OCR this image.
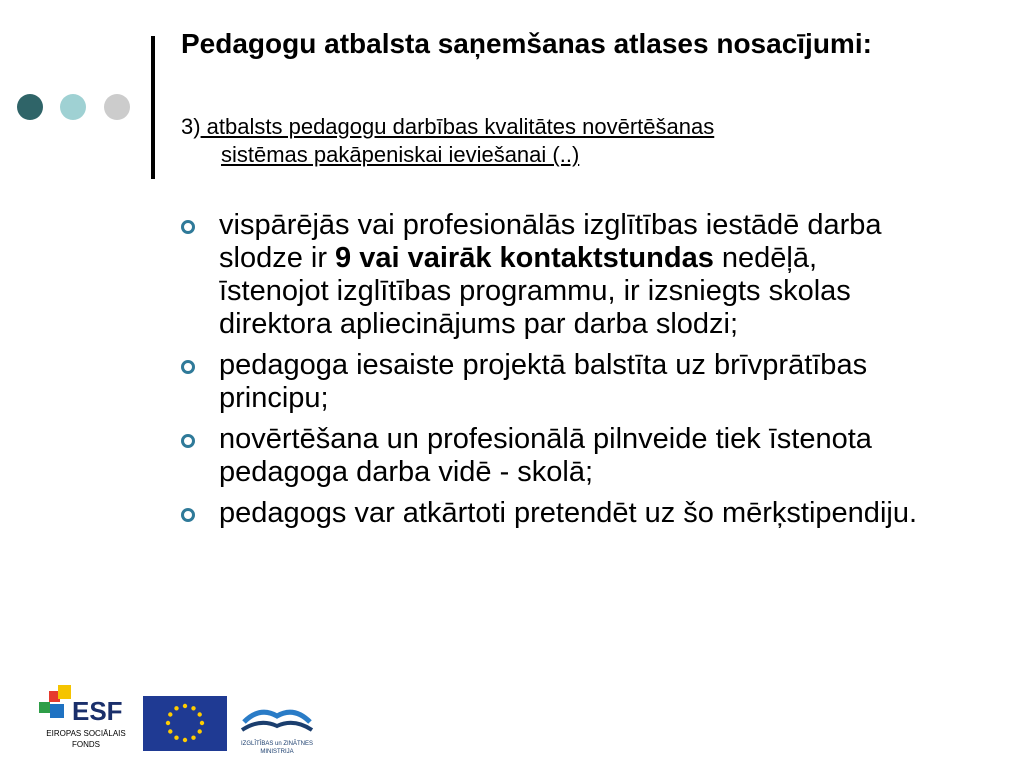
Pedagogu atbalsta saņemšanas atlases nosacījumi:
3) atbalsts pedagogu darbības kvalitātes novērtēšanas
sistēmas pakāpeniskai ieviešanai (..)
vispārējās vai profesionālās izglītības iestādē darba slodze ir 9 vai vairāk kontaktstundas nedēļā, īstenojot izglītības programmu, ir izsniegts skolas direktora apliecinājums par darba slodzi;
pedagoga iesaiste projektā balstīta uz brīvprātības principu;
novērtēšana un profesionālā pilnveide tiek īstenota pedagoga darba vidē - skolā;
pedagogs var atkārtoti pretendēt uz šo mērķstipendiju.
ESF
EIROPAS SOCIĀLAIS
FONDS	IZGLĪTĪBAS un ZINĀTNES
MINISTRIJA
